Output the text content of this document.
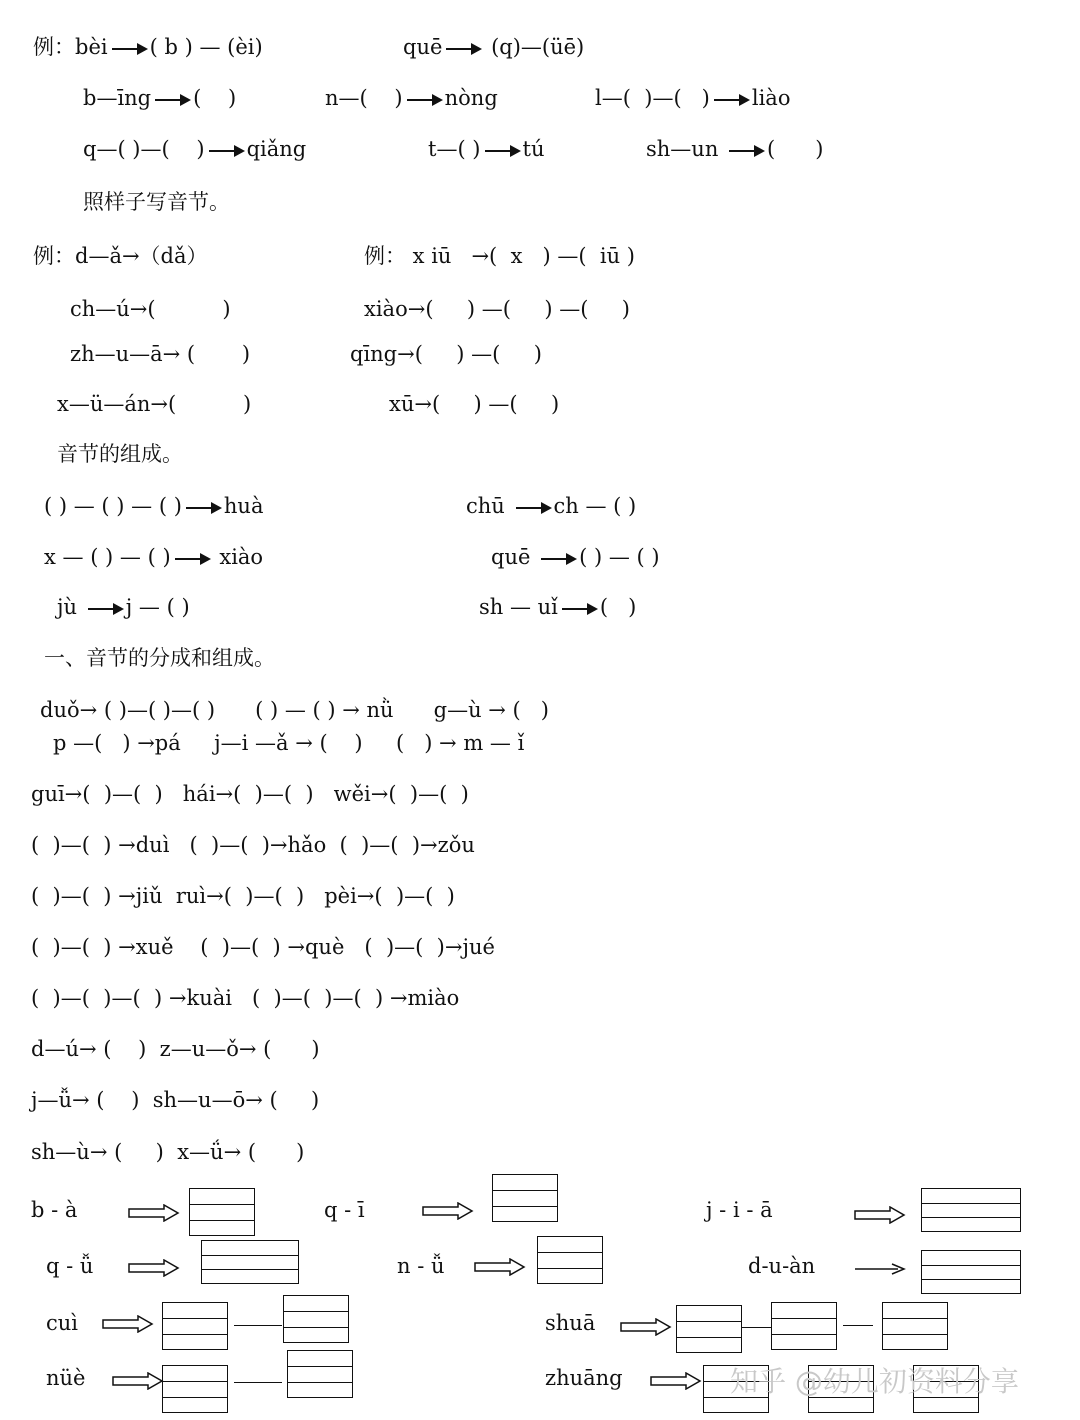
例：bèi ( b ) — (èi)	quē (q)—(üē)
b—īng (    )	n—(    ) nòng	l—(  )—(   ) liào
q—( )—(    ) qiǎng	t—( ) tú	sh—un (      )
照样子写音节。
例：d—ǎ→（dǎ）	例： x iū   →(  x   ) —(  iū )
ch—ú→(          )	xiào→(     ) —(     ) —(     )
zh—u—ā→ (       )	qīng→(     ) —(     )
x—ü—án→(          )	xū→(     ) —(     )
音节的组成。
( ) — ( ) — ( ) huà	chū ch — ( )
x — ( ) — ( ) xiào	quē ( ) — ( )
jù j — ( )	sh — uǐ (   )
一、音节的分成和组成。
duǒ→ ( )—( )—( )      ( ) — ( ) → nǜ      g—ù → (   )
p —(   ) →pá     j—i —ǎ → (    )     (   ) → m — ǐ
guī→(  )—(  )   hái→(  )—(  )   wěi→(  )—(  )
(  )—(  ) →duì   (  )—(  )→hǎo  (  )—(  )→zǒu
(  )—(  ) →jiǔ  ruì→(  )—(  )   pèi→(  )—(  )
(  )—(  ) →xuě    (  )—(  ) →què   (  )—(  )→jué
(  )—(  )—(  ) →kuài   (  )—(  )—(  ) →miào
d—ú→ (    )  z—u—ǒ→ (      )
j—ǚ→ (    )  sh—u—ō→ (     )
sh—ù→ (     )  x—ǘ→ (      )
b - à	q - ī	j - i - ā
q - ǚ	n - ǚ	d-u-àn
cuì	shuā
nüè	zhuāng	知乎 @幼儿初资料分享
